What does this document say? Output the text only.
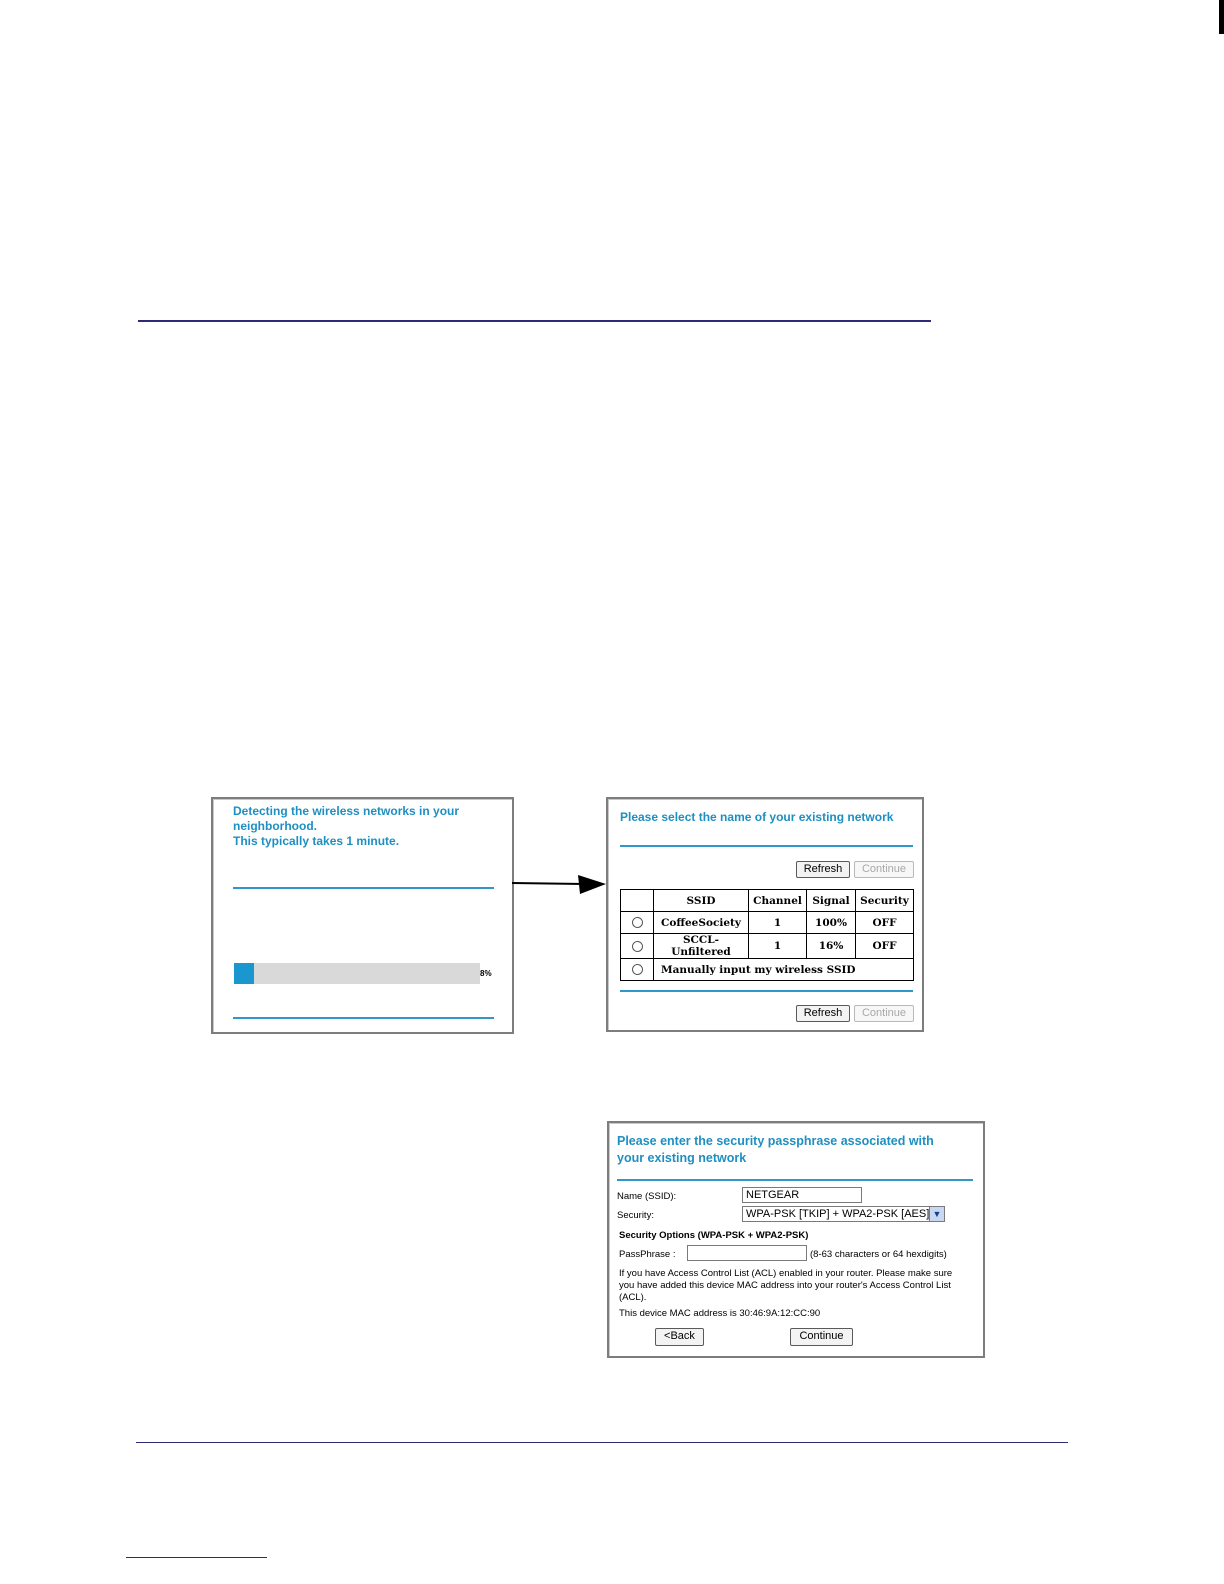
Detecting the wireless networks in your
neighborhood.
This typically takes 1 minute.
8%
Please select the name of your existing network
Refresh	Continue
	SSID	Channel	Signal	Security
	CoffeeSociety	1	100%	OFF
	SCCL-Unfiltered	1	16%	OFF
	Manually input my wireless SSID			
Refresh	Continue
Please enter the security passphrase associated with
your existing network
Name (SSID):	NETGEAR
Security:	WPA-PSK [TKIP] + WPA2-PSK [AES] ▼
Security Options (WPA-PSK + WPA2-PSK)
PassPhrase :	(8-63 characters or 64 hexdigits)
If you have Access Control List (ACL) enabled in your router. Please make sure
you have added this device MAC address into your router's Access Control List
(ACL).
This device MAC address is 30:46:9A:12:CC:90
<Back	Continue
